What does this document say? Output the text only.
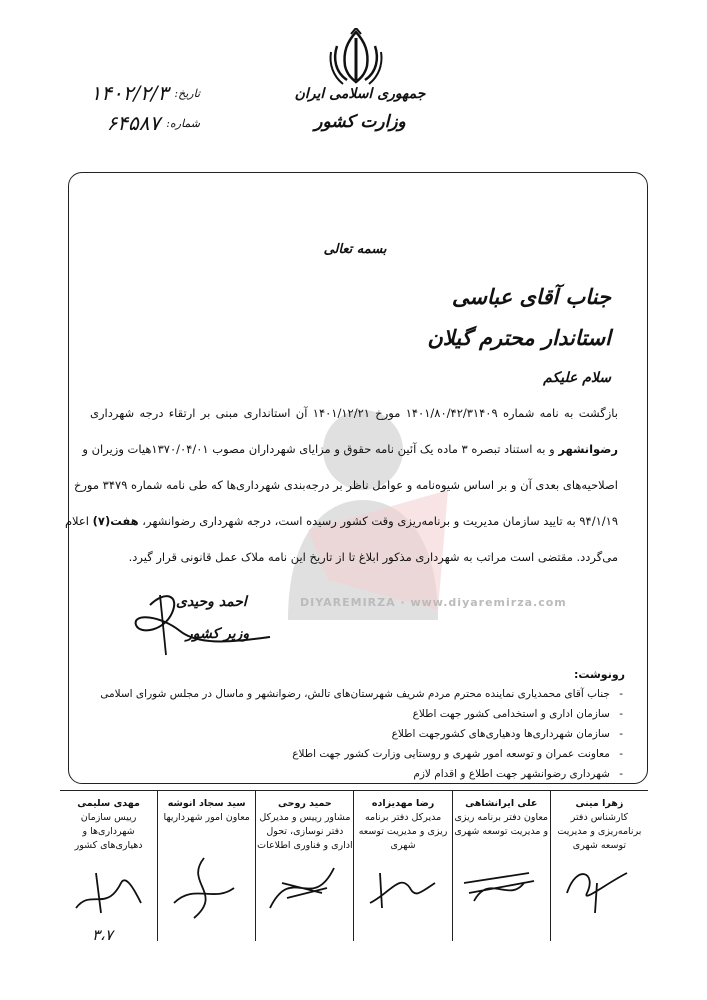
جمهوری اسلامی ایران
وزارت کشور
تاریخ:
۱۴۰۲/۲/۳
شماره:
۶۴۵۸۷
DIYAREMIRZA · www.diyaremirza.com
بسمه تعالی
جناب آقای عباسی
استاندار محترم گیلان
سلام علیکم

بازگشت به نامه شماره ۱۴۰۱/۸۰/۴۲/۳۱۴۰۹ مورخ ۱۴۰۱/۱۲/۲۱ آن استانداری مبنی بر ارتقاء درجه شهرداری

رضوانشهر و به استناد تبصره ۳ ماده یک آئین نامه حقوق و مزایای شهرداران مصوب ۱۳۷۰/۰۴/۰۱هیات وزیران و

اصلاحیه‌های بعدی آن و بر اساس شیوه‌نامه و عوامل ناظر بر درجه‌بندی شهرداری‌ها که طی نامه شماره ۳۴۷۹ مورخ

۹۴/۱/۱۹ به تایید سازمان مدیریت و برنامه‌ریزی وقت کشور رسیده است، درجه شهرداری رضوانشهر، هفت(۷) اعلام

می‌گردد. مقتضی است مراتب به شهرداری مذکور ابلاغ تا از تاریخ این نامه ملاک عمل قانونی قرار گیرد.

احمد وحیدی
وزیر کشور
رونوشت:
- جناب آقای محمدیاری نماینده محترم مردم شریف شهرستان‌های تالش، رضوانشهر و ماسال در مجلس شورای اسلامی
- سازمان اداری و استخدامی کشور جهت اطلاع
- سازمان شهرداری‌ها ودهیاری‌های کشورجهت اطلاع
- معاونت عمران و توسعه امور شهری و روستایی وزارت کشور جهت اطلاع
- شهرداری رضوانشهر جهت اطلاع و اقدام لازم
زهرا مینی
کارشناس دفتر برنامه‌ریزی و مدیریت توسعه شهری
علی ایرانشاهی
معاون دفتر برنامه ریزی و مدیریت توسعه شهری
رضا مهدیزاده
مدیرکل دفتر برنامه ریزی و مدیریت توسعه شهری
حمید روحی
مشاور رییس و مدیرکل دفتر نوسازی، تحول اداری و فناوری اطلاعات
سید سجاد انوشه
معاون امور شهرداریها
مهدی سلیمی
رییس سازمان شهرداری‌ها و دهیاری‌های کشور
۳،۷
